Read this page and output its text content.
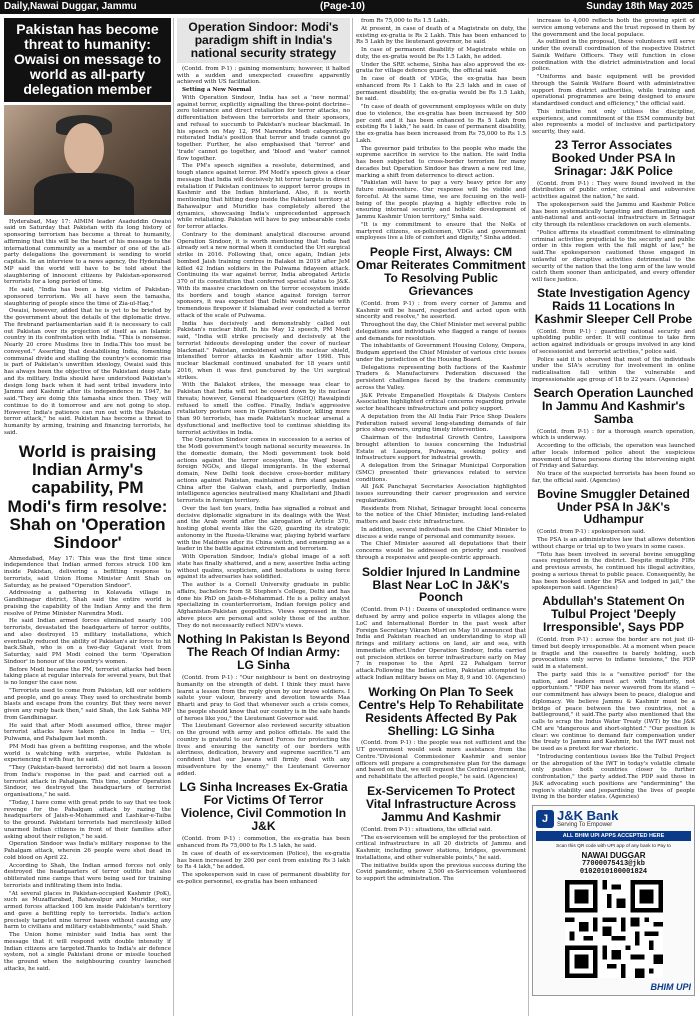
Daily,Nawai Duggar, Jammu	(Page-10)	Sunday 18th May 2025
Pakistan has become threat to humanity: Owaisi on message to world as all-party delegation member

Hyderabad, May 17: AIMIM leader Asaduddin Owaisi said on Saturday that Pakistan with its long history of sponsoring terrorism has become a threat to humanity, affirming that this will be the heart of his message to the international community as a member of one of the all-party delegations the government is sending to world capitals. In an interview to a news agency, the Hyderabad MP said the world will have to be told about the slaughtering of innocent citizens by Pakistan-sponsored terrorists for a long period of time.

He said, "India has been a big victim of Pakistan-sponsored terrorism. We all have seen the tamasha, slaughtering of people since the time of Zia-ul-Haq."

Owaisi, however, added that he is yet to be briefed by the government about the details of the diplomatic drive. The firebrand parliamentarian said it is necessary to call out Pakistan over its projection of itself as an Islamic country in its confrontation with India. "This is nonsense. Nearly 20 crore Muslims live in India.This too must be conveyed." Asserting that destabilising India, fomenting communal divide and stalling the country's economic rise is part of Pakistan's unwritten ideology, Owaisi said this has always been the objective of the Pakistani deep state and its military. India should have understood Pakistan's design long back when it had sent tribal invaders into Jammu and Kashmir after its independence in 1947, he said."They are doing this tamasha since then. They will continue to do it tomorrow and are not going to stop. However, India's patience can run out with the Pakistan terror attack," he said. Pakistan has become a threat to humanity by arming, training and financing terrorists, he said.

World is praising Indian Army's capability, PM Modi's firm resolve: Shah on 'Operation Sindoor'

Ahmedabad, May 17: This was the first time since independence that Indian armed forces struck 100 km inside Pakistan, delivering a befitting response to terrorists, said Union Home Minister Amit Shah on Saturday, as he praised "Operation Sindoor".

Addressing a gathering in Kolavada village in Gandhinagar district, Shah said the entire world is praising the capability of the Indian Army and the firm resolve of Prime Minister Narendra Modi.

He said Indian armed forces eliminated nearly 100 terrorists, devastated the headquarters of terror outfits, and also destroyed 15 military installations, which eventually reduced the ability of Pakistan's air force to hit back.Shah, who is on a two-day Gujarat visit from Saturday, said PM Modi coined the term 'Operation Sindoor' in honour of the country's women.

Before Modi became the PM, terrorist attacks had been taking place at regular intervals for several years, but that is no longer the case now.

"Terrorists used to come from Pakistan, kill our soldiers and people, and go away. They used to orchestrate bomb blasts and escape from the country. But they were never given any reply back then," said Shah, the Lok Sabha MP from Gandhinagar.

He said that after Modi assumed office, three major terrorist attacks have taken place in India -- Uri, Pulwama, and Pahalgam last month.

PM Modi has given a befitting response, and the whole world is watching with surprise, while Pakistan is experiencing it with fear, he said.

"They (Pakistan-based terrorists) did not learn a lesson from India's response in the past and carried out a terrorist attack in Pahalgam. This time, under Operation Sindoor, we destroyed the headquarters of terrorist organisations," he said.

"Today, I have come with great pride to say that we took revenge for the Pahalgam attack by razing the headquarters of Jaish-e-Mohammed and Lashkar-e-Taiba to the ground. Pakistani terrorists had mercilessly killed unarmed Indian citizens in front of their families after asking about their religion," he said.

Operation Sindoor was India's military response to the Pahalgam attack, wherein 26 people were shot dead in cold blood on April 22.

According to Shah, the Indian armed forces not only destroyed the headquarters of terror outfits but also obliterated nine camps that were being used for training terrorists and infiltrating them into India.

"At several places in Pakistan-occupied Kashmir (PoK), such as Muzaffarabad, Bahawalpur and Muridke, our armed forces attacked 100 km inside Pakistan's territory and gave a befitting reply to terrorists. India's action precisely targeted nine terror bases without causing any harm to civilians and military establishments," said Shah.

The Union home minister said India has sent the message that it will respond with double intensity if Indian citizens are targeted.Thanks to India's air defence system, not a single Pakistani drone or missile touched the ground when the neighbouring country launched attacks, he said.

Operation Sindoor: Modi's paradigm shift in India's national security strategy

(Contd. from P-1) : gaining momentum; however, it halted with a sudden and unexpected ceasefire apparently achieved with US facilitation.

Setting a New Normal

With Operation Sindoor, India has set a 'new normal' against terror, explicitly signalling the three-point doctrine--zero tolerance and direct retaliation for terror attacks, no differentiation between the terrorists and their sponsors, and refusal to succumb to Pakistan's nuclear blackmail. In his speech on May 12, PM Narendra Modi categorically reiterated India's position that terror and trade cannot go together. Further, he also emphasised that 'terror' and 'trade' cannot go together, and 'blood' and 'water' cannot flow together.

The PM's speech signifies a resolute, determined, and tough stance against terror. PM Modi's speech gives a clear message that India will decisively hit terror targets in direct retaliation if Pakistan continues to support terror groups in Kashmir and the Indian hinterland. Also, it is worth mentioning that hitting deep inside the Pakistani territory at Bahawalpur and Muridke has completely altered the dynamics, showcasing India's unprecedented approach while retaliating. Pakistan will have to pay unbearable costs for terror attacks.

Contrary to the dominant analytical discourse around Operation Sindoor, it is worth mentioning that India had already set a new normal when it conducted the Uri surgical strike in 2016. Following that, once again, Indian jets bombed Jaish training centres in Balakot in 2019 after JeM killed 42 Indian soldiers in the Pulwama fidayeen attack. Continuing its war against terror, India abrogated Article 370 of its constitution that conferred special status to J&K. With its massive crackdown on the terror ecosystem inside its borders and tough stance against foreign terror sponsors, it was expected that Delhi would retaliate with tremendous firepower if Islamabad ever conducted a terror attack of the scale of Pulwama.

India has decisively and demonstrably called out Pakistan's nuclear bluff. In his May 12 speech, PM Modi said, "India will strike precisely and decisively at the terrorist hideouts developing under the cover of nuclear blackmail." Pakistan, emboldened with its nuclear shield, intensified terror attacks in Kashmir after 1998. This nuclear blackmail continued unabated for 18 years until 2016, when it was first punctured by the Uri surgical strikes.

With the Balakot strikes, the message was clear to Pakistan that India will not be cowed down by its nuclear threats; however, General Headquarters (GHQ) Rawalpindi refused to smell the coffee. Finally, India's aggressive retaliatory posture seen in Operation Sindoor, killing more than 90 terrorists, has made Pakistan's nuclear arsenal a dysfunctional and ineffective tool to continue shielding its terrorist activities in India.

The Operation Sindoor comes in succession to a series of the Modi government's tough national security measures. In the domestic domain, the Modi government took bold actions against the terror ecosystem, the Waqf board, foreign NGOs, and illegal immigrants. In the external domain, New Delhi took decisive cross-border military actions against Pakistan, maintained a firm stand against China after the Galwan clash, and purportedly, Indian intelligence agencies neutralised many Khalistani and Jihadi terrorists in foreign territory.

Over the last ten years, India has signalled a robust and decisive diplomatic signature in its dealings with the West and the Arab world after the abrogation of Article 370, hosting global events like the G20, guarding its strategic autonomy in the Russia-Ukraine war, playing hybrid warfare with the Maldives after its China switch, and emerging as a leader in the battle against extremism and terrorism.

With Operation Sindoor, India's global image of a soft state has finally shattered, and a new, assertive India acting without qualms, scepticism, and hesitations is using force against its adversaries has solidified.

The author is a Cornell University graduate in public affairs, bachelors from St Stephen's College, Delhi and has done his PhD on Jaish-e-Mohammad. He is a policy analyst specializing in counterterrorism, Indian foreign policy and Afghanistan-Pakistan geopolitics. Views expressed in the above piece are personal and solely those of the author. They do not necessarily reflect NDV's views.

Nothing In Pakistan Is Beyond The Reach Of Indian Army: LG Sinha

(Contd. from P-1) : "Our neighbour is bent on destroying humanity on the strength of debt. I think they must have learnt a lesson from the reply given by our brave soldiers. I salute your valour, bravery and devotion towards Maa Bharti and pray to God that whenever such a crisis comes, the people should know that our country is in the safe hands of heroes like you," the Lieutenant Governor said.

The Lieutenant Governor also reviewed security situation on the ground with army and police officials. He said the country is grateful to our Armed Forces for protecting the lives and ensuring the sanctity of our borders with alertness, dedication, bravery and supreme sacrifice."I am confident that our Jawans will firmly deal with any misadventure by the enemy," the Lieutenant Governor added.

LG Sinha Increases Ex-Gratia For Victims Of Terror Violence, Civil Commotion In J&K

(Contd. from P-1) : commotion, the ex-gratia has been enhanced from Rs 75,000 to Rs 1.5 lakh, he said.

In case of death of ex-servicemen (Police), the ex-gratia has been increased by 200 per cent from existing Rs 3 lakh to Rs 4 lakh," he added.

The spokesperson said in case of permanent disability for ex-police personnel, ex-gratia has been enhanced

from Rs 75,000 to Rs 1.5 Lakh.

At present, in case of death of a Magistrate on duty, the existing ex-gratia is Rs 2 Lakh. This has been enhanced to Rs 5 Lakh by the lieutenant governor, he said.

In case of permanent disability of Magistrate while on duty, the ex-gratia would be Rs 1.5 Lakh, he added.

Under the SRE scheme, Sinha has also approved the ex-gratia for village defence guards, the official said.

In case of death of VDGs, the ex-gratia has been enhanced from Rs 1 Lakh to Rs 2.5 lakh and in case of permanent disability, the ex-gratia would be Rs 1.5 Lakh, he said.

"In case of death of government employees while on duty due to violence, the ex-gratia has been increased by 500 per cent and it has been enhanced to Rs 5 Lakh from existing Rs 1 lakh," he said. In case of permanent disability, the ex-gratia has been increased from Rs 75,000 to Rs 1.5 Lakh.

The governor paid tributes to the people who made the supreme sacrifice in service to the nation. He said India has been subjected to cross-border terrorism for many decades but Operation Sindoor has drawn a new red line, marking a shift from deterrence to direct action.

"Pakistan will have to pay a very heavy price for any future misadventure. Our response will be visible and forceful. At the same time, we are focusing on the well-being of the people playing a highly effective role in ensuring internal security and holistic development of Jammu Kashmir Union territory," Sinha said.

"It is my commitment to ensure that the NoKs of martyred citizens, ex-policemen, VDGs and government employees live a life of comfort and dignity," Sinha added.

People First, Always: CM Omar Reiterates Commitment To Resolving Public Grievances

(Contd. from P-1) : from every corner of Jammu and Kashmir will be heard, respected and acted upon with sincerity and resolve," he asserted.

Throughout the day, the Chief Minister met several public delegations and individuals who flagged a range of issues and demands for resolution.

The inhabitants of Government Housing Colony, Ompora, Budgam apprised the Chief Minister of various civic issues under the jurisdiction of the Housing Board.

Delegations representing both factions of the Kashmir Traders & Manufacturers Federation discussed the persistent challenges faced by the traders community across the Valley.

J&K Private Empanelled Hospitals & Dialysis Centers Association highlighted critical concerns regarding private sector healthcare infrastructure and policy support.

A deputation from the All India Fair Price Shop Dealers Federation raised several long-standing demands of fair price shop owners, urging timely intervention.

Chairman of the Industrial Growth Centre, Lassipora brought attention to issues concerning the Industrial Estate at Lassipora, Pulwama, seeking policy and infrastructure support for industrial growth.

A delegation from the Srinagar Municipal Corporation (SMC) presented their grievances related to service conditions.

All J&K Panchayat Secretaries Association highlighted issues surrounding their career progression and service regularization.

Residents from Nishat, Srinagar brought local concerns to the notice of the Chief Minister, including land-related matters and basic civic infrastructure.

In addition, several individuals met the Chief Minister to discuss a wide range of personal and community issues.

The Chief Minister assured all deputations that their concerns would be addressed on priority and resolved through a responsive and people-centric approach.

Soldier Injured In Landmine Blast Near LoC In J&K's Poonch

(Contd. from P-1) : Dozens of unexploded ordinance were defused by army and police experts in villages along the LoC and International Border in the past week after Foreign Secretary Vikram Misri on May 10 announced that India and Pakistan reached an understanding to stop all firings and military actions on land, air and sea, with immediate effect.Under Operation Sindoor, India carried out precision strikes on terror infrastructure early on May 7 in response to the April 22 Pahalgam terror attack.Following the Indian action, Pakistan attempted to attack Indian military bases on May 8, 9 and 10. (Agencies)

Working On Plan To Seek Centre's Help To Rehabilitate Residents Affected By Pak Shelling: LG Sinha

(Contd. from P-1) : the people was not sufficient and the UT government would seek more assistance from the Centre."Divisional Commissioner Kashmir and senior officers will prepare a comprehensive plan for the damage and based on that, we will request the Central government, and rehabilitate the affected people," he said. (Agencies)

Ex-Servicemen To Protect Vital Infrastructure Across Jammu And Kashmir

(Contd. from P-1) : situations, the official said.

"The ex-servicemen will be employed for the protection of critical infrastructure in all 20 districts of Jammu and Kashmir, including power stations, bridges, government installations, and other vulnerable points," he said.

The initiative builds upon the previous success during the Covid pandemic, where 2,500 ex-Servicemen volunteered to support the administration. The

increase to 4,000 reflects both the growing spirit of service among veterans and the trust reposed in them by the government and the local populace.

As outlined in the proposal, these volunteers will serve under the overall coordination of the respective District Sainik Welfare Officers. They will function in close coordination with the district administration and local police.

"Uniforms and basic equipment will be provided through the Sainik Welfare Board with administrative support from district authorities, while training and operational programmes are being designed to ensure standardised conduct and efficiency," the official said.

This initiative not only utilises the discipline, experience, and commitment of the ESM community but also represents a model of inclusive and participatory security, they said.

23 Terror Associates Booked Under PSA In Srinagar: J&K Police

(Contd. from P-1) : They were found involved in the distribution of public order, criminal and subversive activities against the nation," he said.

The spokesperson said the Jammu and Kashmir Police has been systematically targeting and dismantling such anti-national and anti-social infrastructure in Srinagar city through its relentless crackdown on such elements.

"Police affirms its steadfast commitment to eliminating criminal activities prejudicial to the security and public order in this region with the full might of law," he said.The spokesperson cautioned those engaged in unlawful or disruptive activities detrimental to the security of the nation that the long arm of the law would catch them sooner than anticipated, and every offender will face justice.

State Investigation Agency Raids 11 Locations In Kashmir Sleeper Cell Probe

(Contd. from P-1) : guarding national security and upholding public order. It will continue to take firm action against individuals or groups involved in any kind of secessionist and terrorist activities," police said.

Police said it is observed that most of the individuals under the SIA's scrutiny for involvement in online radicalisation fall within the vulnerable and impressionable age group of 18 to 22 years. (Agencies)

Search Operation Launched In Jammu And Kashmir's Samba

(Contd. from P-1) : for a thorough search operation, which is underway.

According to the officials, the operation was launched after locals informed police about the suspicious movement of three persons during the intervening night of Friday and Saturday.

No trace of the suspected terrorists has been found so far, the official said. (Agencies)

Bovine Smuggler Detained Under PSA In J&K's Udhampur

(Contd. from P-1) : spokesperson said.

The PSA is an administrative law that allows detention without charge or trial up to two years in some cases.

"Totu has been involved in several bovine smuggling cases registered in the district. Despite multiple FIRs and previous arrests, he continued his illegal activities, posing a serious threat to public peace. Consequently, he has been booked under the PSA and lodged in jail," the spokesperson said. (Agencies)

Abdullah's Statement On Tulbul Project 'Deeply Irresponsible', Says PDP

(Contd. from P-1) : across the border are not just ill-timed but deeply irresponsible. At a moment when peace is fragile and the ceasefire is barely holding, such provocations only serve to inflame tensions," the PDP said in a statement.

The party said this is a "sensitive period" for the nation, and leaders must act with "maturity, not opportunism." "PDP has never wavered from its stand -- our commitment has always been to peace, dialogue and diplomacy. We believe Jammu & Kashmir must be a bridge of peace between the two countries, not a battleground," it said.The party also mentioned that the calls to scrap the Indus Water Treaty (IWT) by the J&K CM are "dangerous and short-sighted." "Our position is clear: we continue to demand fair compensation under the treaty to Jammu and Kashmir, but the IWT must not be used as a pretext for war rhetoric.

"Introducing contentious issues like the Tulbul Project or the abrogation of the IWT in today's volatile climate only pushes both countries closer to further confrontation," the party added.The PDP said those in J&K advocating such positions are "undermining" the region's stability and jeopardising the lives of people living in the border states. (Agencies)

J J&K Bank
Serving To Empower
ALL BHIM UPI APPS ACCEPTED HERE
Scan this QR code with UPI app of any bank to Pay to
NAWAI DUGGAR
77000075413@jkb
0102010100001824
BHIM UPI
